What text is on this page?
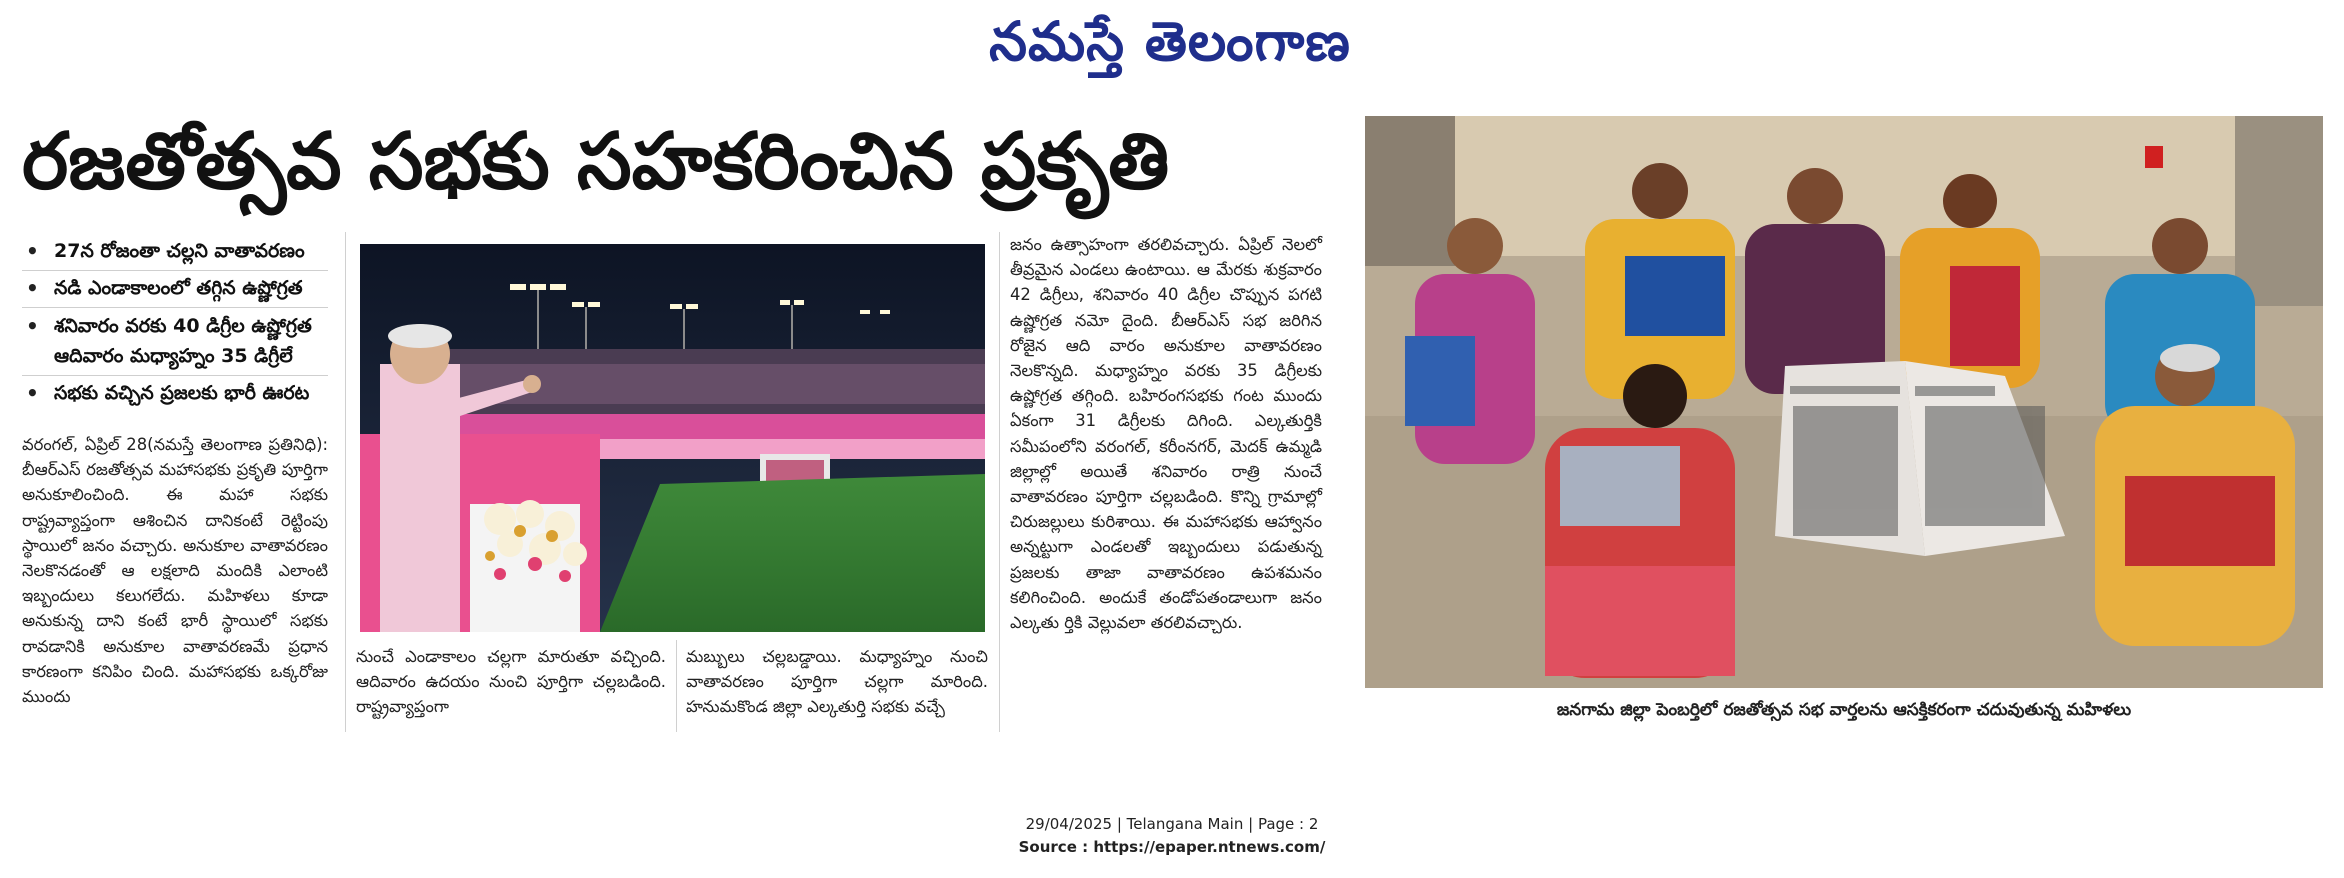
నమస్తే తెలంగాణ
రజతోత్సవ సభకు సహకరించిన ప్రకృతి
• 27న రోజంతా చల్లని వాతావరణం
• నడి ఎండాకాలంలో తగ్గిన ఉష్ణోగ్రత
• శనివారం వరకు 40 డిగ్రీల ఉష్ణోగ్రత ఆదివారం మధ్యాహ్నం 35 డిగ్రీలే
• సభకు వచ్చిన ప్రజలకు భారీ ఊరట

వరంగల్, ఏప్రిల్ 28(నమస్తే తెలంగాణ ప్రతినిధి): బీఆర్ఎస్ రజతోత్సవ మహాసభకు ప్రకృతి పూర్తిగా అనుకూలించింది. ఈ మహా సభకు రాష్ట్రవ్యాప్తంగా ఆశించిన దానికంటే రెట్టింపు స్థాయిలో జనం వచ్చారు. అనుకూల వాతావరణం నెలకొనడంతో ఆ లక్షలాది మందికి ఎలాంటి ఇబ్బందులు కలుగలేదు. మహిళలు కూడా అనుకున్న దాని కంటే భారీ స్థాయిలో సభకు రావడానికి అనుకూల వాతావరణమే ప్రధాన కారణంగా కనిపిం చింది. మహాసభకు ఒక్కరోజు ముందు

నుంచే ఎండాకాలం చల్లగా మారుతూ వచ్చింది. ఆదివారం ఉదయం నుంచి పూర్తిగా చల్లబడింది. రాష్ట్రవ్యాప్తంగా

మబ్బులు చల్లబడ్డాయి. మధ్యాహ్నం నుంచి వాతావరణం పూర్తిగా చల్లగా మారింది. హనుమకొండ జిల్లా ఎల్కతుర్తి సభకు వచ్చే

జనం ఉత్సాహంగా తరలివచ్చారు. ఏప్రిల్ నెలలో తీవ్రమైన ఎండలు ఉంటాయి. ఆ మేరకు శుక్రవారం 42 డిగ్రీలు, శనివారం 40 డిగ్రీల చొప్పున పగటి ఉష్ణోగ్రత నమో దైంది. బీఆర్ఎస్ సభ జరిగిన రోజైన ఆది వారం అనుకూల వాతావరణం నెలకొన్నది. మధ్యాహ్నం వరకు 35 డిగ్రీలకు ఉష్ణోగ్రత తగ్గింది. బహిరంగసభకు గంట ముందు ఏకంగా 31 డిగ్రీలకు దిగింది. ఎల్కతుర్తికి సమీపంలోని వరంగల్, కరీంనగర్, మెదక్ ఉమ్మడి జిల్లాల్లో అయితే శనివారం రాత్రి నుంచే వాతావరణం పూర్తిగా చల్లబడింది. కొన్ని గ్రామాల్లో చిరుజల్లులు కురిశాయి. ఈ మహాసభకు ఆహ్వానం అన్నట్టుగా ఎండలతో ఇబ్బందులు పడుతున్న ప్రజలకు తాజా వాతావరణం ఉపశమనం కలిగించింది. అందుకే తండోపతండాలుగా జనం ఎల్కతు ర్తికి వెల్లువలా తరలివచ్చారు.

జనగామ జిల్లా పెంబర్తిలో రజతోత్సవ సభ వార్తలను ఆసక్తికరంగా చదువుతున్న మహిళలు
29/04/2025 | Telangana Main | Page : 2
Source : https://epaper.ntnews.com/
